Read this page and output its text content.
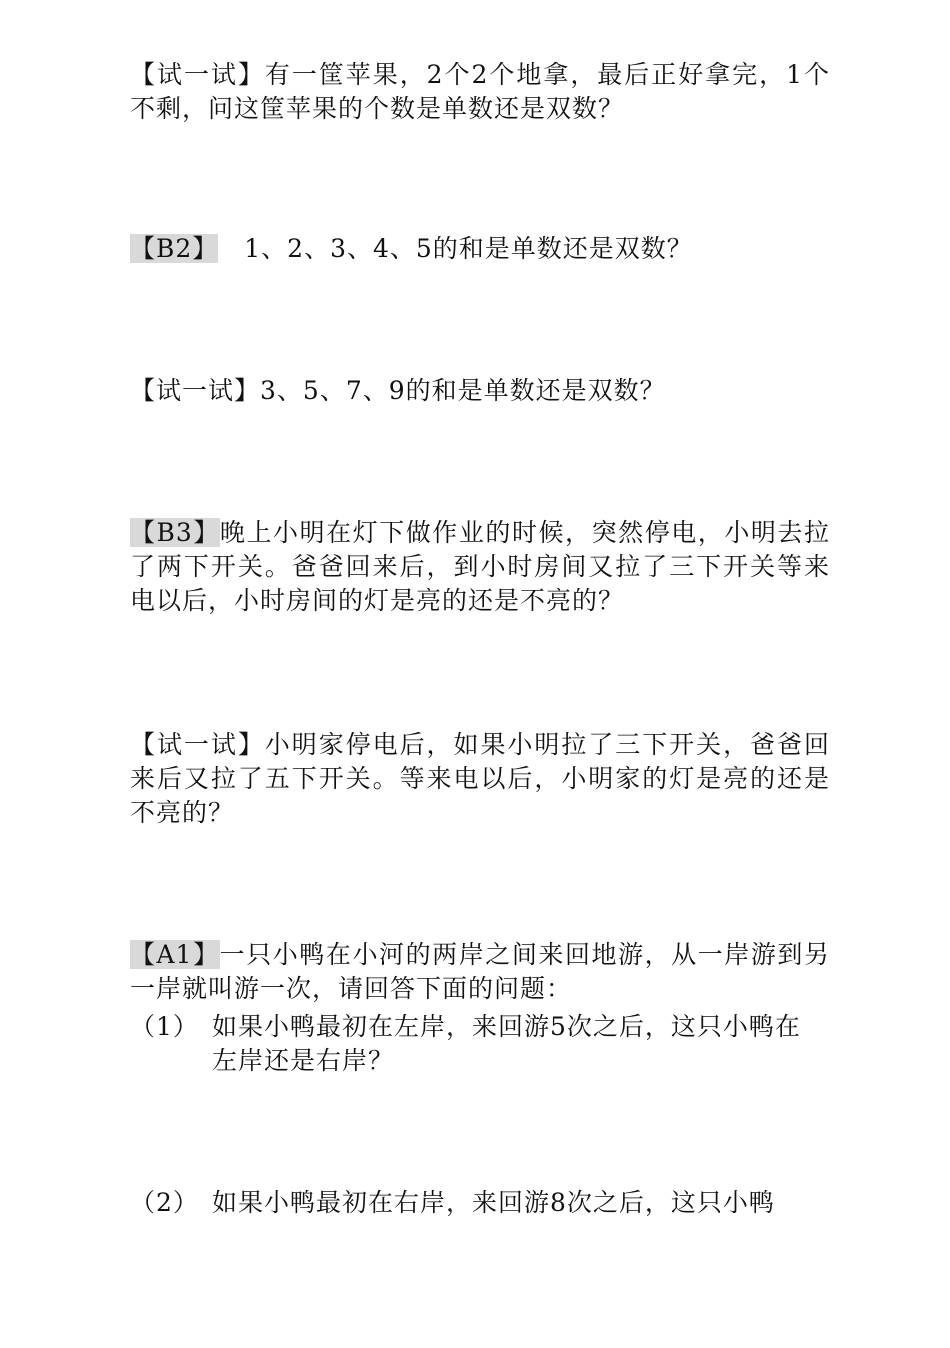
【试一试】有一筐苹果，2个2个地拿，最后正好拿完，1个不剩，问这筐苹果的个数是单数还是双数？
【B2】 1、2、3、4、5的和是单数还是双数？
【试一试】3、5、7、9的和是单数还是双数？
【B3】晚上小明在灯下做作业的时候，突然停电，小明去拉了两下开关。爸爸回来后，到小时房间又拉了三下开关等来电以后，小时房间的灯是亮的还是不亮的？
【试一试】小明家停电后，如果小明拉了三下开关，爸爸回来后又拉了五下开关。等来电以后，小明家的灯是亮的还是不亮的？
【A1】一只小鸭在小河的两岸之间来回地游，从一岸游到另一岸就叫游一次，请回答下面的问题：
（1） 如果小鸭最初在左岸，来回游5次之后，这只小鸭在左岸还是右岸？
（2） 如果小鸭最初在右岸，来回游8次之后，这只小鸭
